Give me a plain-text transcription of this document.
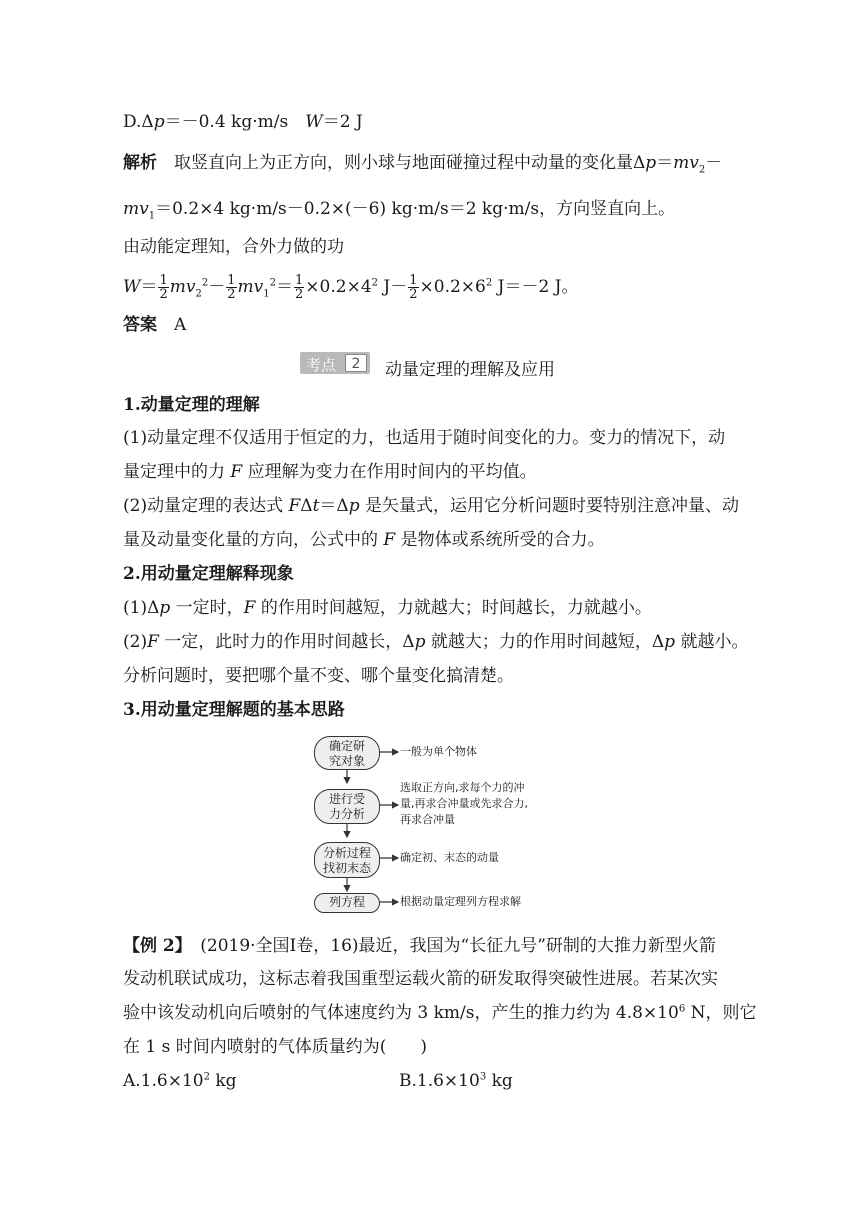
D.Δp＝－0.4 kg·m/s　W＝2 J
解析　取竖直向上为正方向，则小球与地面碰撞过程中动量的变化量$\Delta p=mv_2-$
$mv_1=0.2\times 4$ kg·m/s－0.2×(－6) kg·m/s＝2 kg·m/s，方向竖直向上。
由动能定理知，合外力做的功
$W= \frac{1}{2} mv_2^2- \frac{1}{2} mv_1^2= \frac{1}{2} \times 0.2\times 4^2$ $J- \frac{1}{2} \times 0.2\times 6^2$ J＝－2 J。
答案　A
考点	2	动量定理的理解及应用
1.动量定理的理解
(1)动量定理不仅适用于恒定的力，也适用于随时间变化的力。变力的情况下，动
量定理中的力 F 应理解为变力在作用时间内的平均值。
(2)动量定理的表达式 FΔt＝Δp 是矢量式，运用它分析问题时要特别注意冲量、动
量及动量变化量的方向，公式中的 F 是物体或系统所受的合力。
2.用动量定理解释现象
(1)Δp 一定时，F 的作用时间越短，力就越大；时间越长，力就越小。
(2)F 一定，此时力的作用时间越长，Δp 就越大；力的作用时间越短，Δp 就越小。
分析问题时，要把哪个量不变、哪个量变化搞清楚。
3.用动量定理解题的基本思路
确定研
究对象
一般为单个物体
进行受
力分析
选取正方向,求每个力的冲
量,再求合冲量或先求合力,
再求合冲量
分析过程
找初末态
确定初、末态的动量
列方程	根据动量定理列方程求解
【例 2】　(2019·全国Ⅰ卷，16)最近，我国为“长征九号”研制的大推力新型火箭
发动机联试成功，这标志着我国重型运载火箭的研发取得突破性进展。若某次实
验中该发动机向后喷射的气体速度约为 3 km/s，产生的推力约为 $4.8\times 10^6$ N，则它
在 1 s 时间内喷射的气体质量约为(　　)
$A.1.6\times 10^2$ kg	$B.1.6\times 10^3$ kg
